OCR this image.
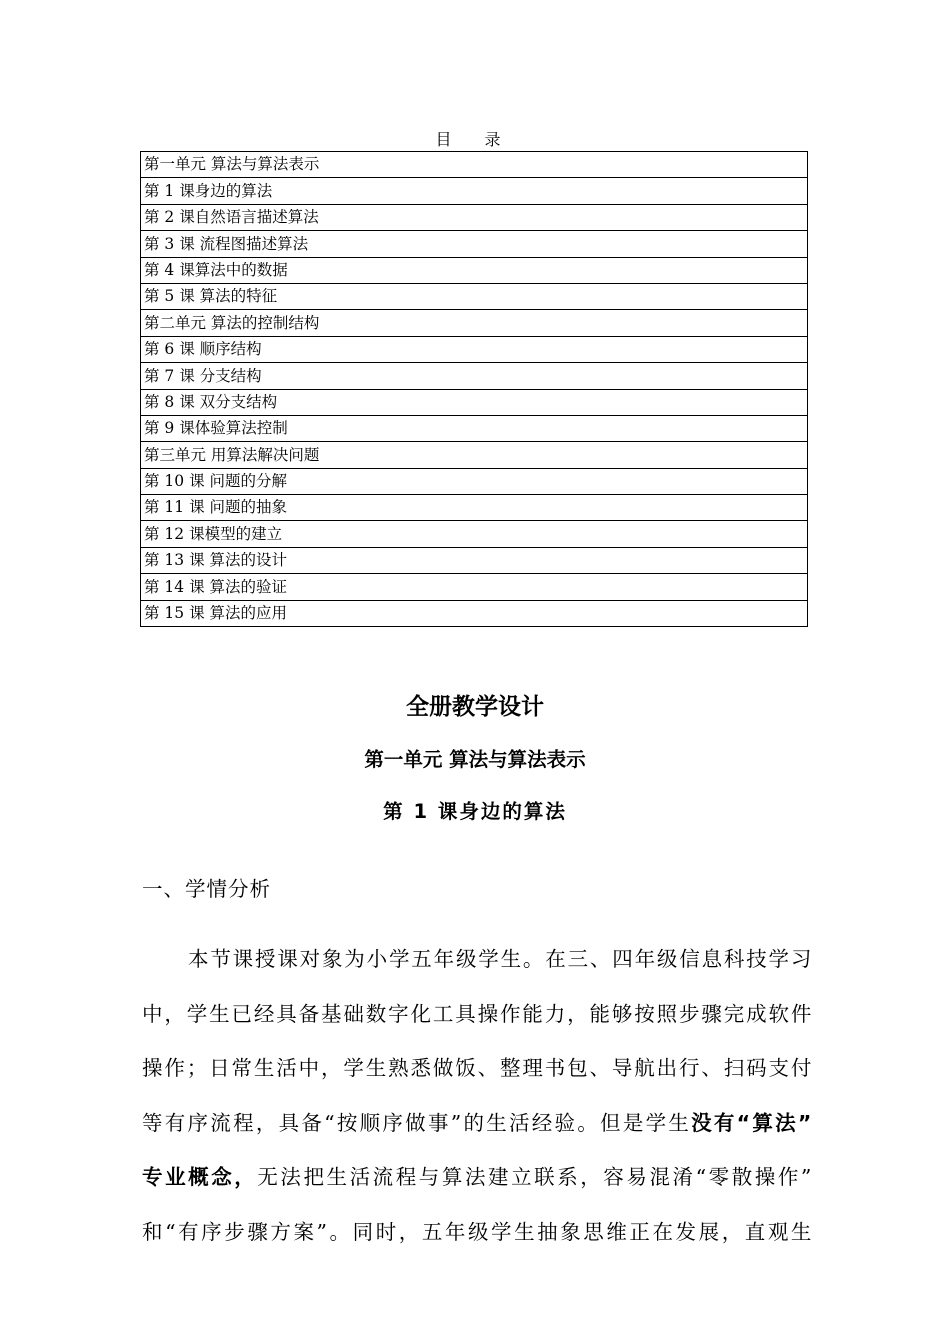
目 录
第一单元 算法与算法表示
第 1 课身边的算法
第 2 课自然语言描述算法
第 3 课 流程图描述算法
第 4 课算法中的数据
第 5 课 算法的特征
第二单元 算法的控制结构
第 6 课 顺序结构
第 7 课 分支结构
第 8 课 双分支结构
第 9 课体验算法控制
第三单元 用算法解决问题
第 10 课 问题的分解
第 11 课 问题的抽象
第 12 课模型的建立
第 13 课 算法的设计
第 14 课 算法的验证
第 15 课 算法的应用
全册教学设计
第一单元 算法与算法表示
第 1 课身边的算法
一、学情分析
本节课授课对象为小学五年级学生。在三、四年级信息科技学习
中，学生已经具备基础数字化工具操作能力，能够按照步骤完成软件
操作；日常生活中，学生熟悉做饭、整理书包、导航出行、扫码支付
等有序流程，具备“按顺序做事”的生活经验。但是学生没有“算法”
专业概念，无法把生活流程与算法建立联系，容易混淆“零散操作”
和“有序步骤方案”。同时，五年级学生抽象思维正在发展，直观生
